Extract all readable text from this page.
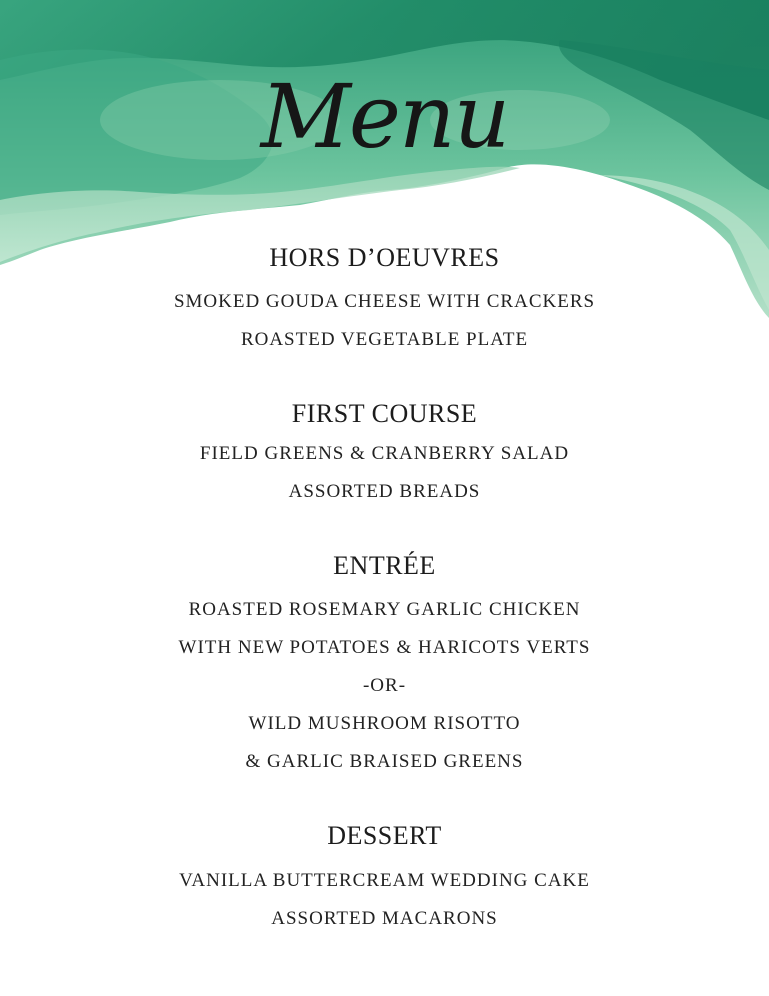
Menu
HORS D’OEUVRES
SMOKED GOUDA CHEESE WITH CRACKERS
ROASTED VEGETABLE PLATE
FIRST COURSE
FIELD GREENS & CRANBERRY SALAD
ASSORTED BREADS
ENTRÉE
ROASTED ROSEMARY GARLIC CHICKEN
WITH NEW POTATOES & HARICOTS VERTS
-OR-
WILD MUSHROOM RISOTTO
& GARLIC BRAISED GREENS
DESSERT
VANILLA BUTTERCREAM WEDDING CAKE
ASSORTED MACARONS
